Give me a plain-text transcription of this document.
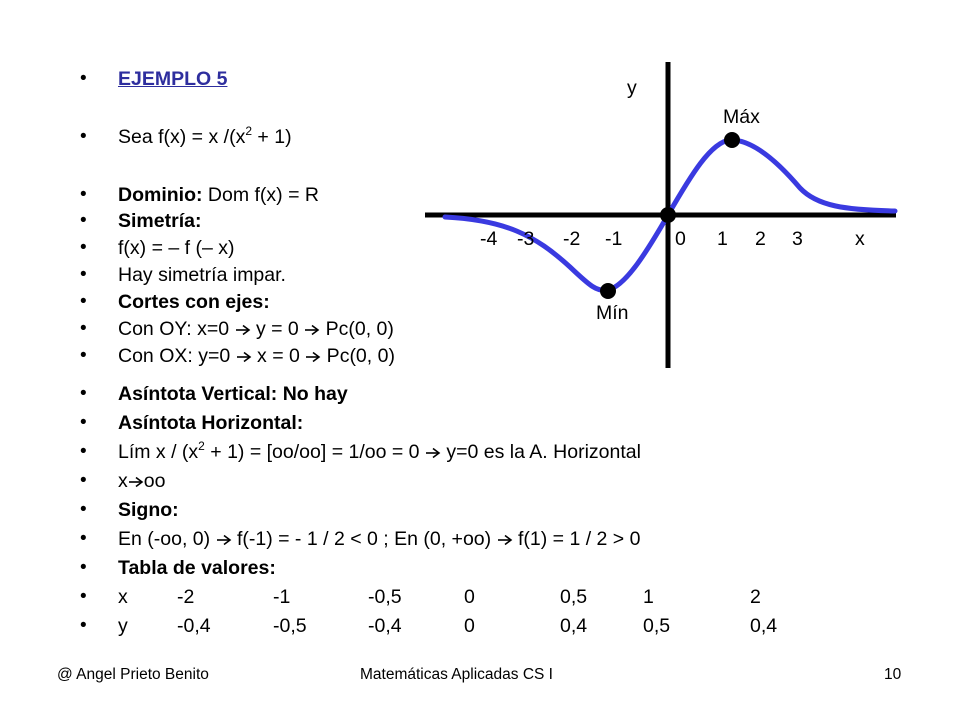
• EJEMPLO 5
• Sea f(x) = x $/(x^2 + 1)$
• Dominio: Dom f(x) = R
• Simetría:
• f(x) = – f (– x)
• Hay simetría impar.
• Cortes con ejes:
• Con OY: x=0  y = 0  Pc(0, 0)
• Con OX: y=0  x = 0  Pc(0, 0)
• Asíntota Vertical: No hay
• Asíntota Horizontal:
• Lím $x / (x^2 + 1) = [oo/oo] = 1/oo = 0$  y=0 es la A. Horizontal
• x oo
• Signo:
• En (-oo, 0)  f(-1) = - 1 / 2 < 0 ; En (0, +oo)  f(1) = 1 / 2 > 0
• Tabla de valores:
• x	-2	-1	-0,5	0	0,5	1	2
• y	-0,4	-0,5	-0,4	0	0,4	0,5	0,4
y
Máx
Mín
x
-4 -3 -2 -1	0 1 2 3
@ Angel Prieto Benito	Matemáticas Aplicadas CS I	10
